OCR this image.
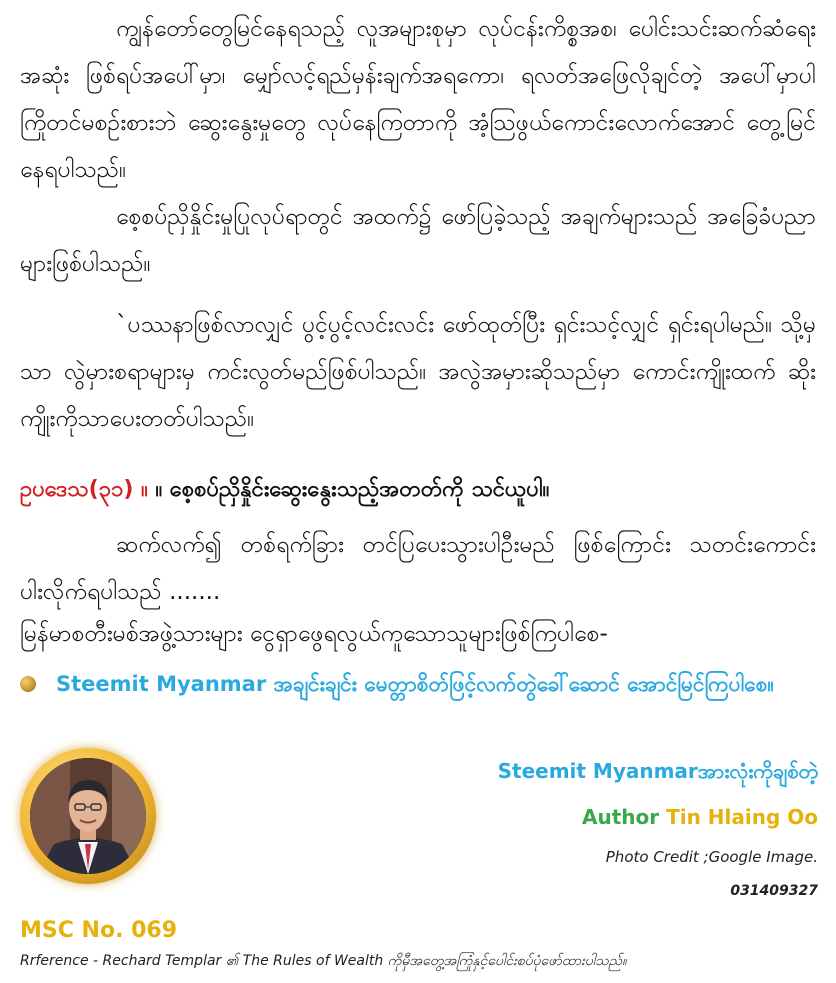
ကျွန်တော်တွေမြင်နေရသည့် လူအများစုမှာ လုပ်ငန်းကိစ္စအစ၊ ပေါင်းသင်းဆက်ဆံရေးအဆုံး ဖြစ်ရပ်အပေါ်မှာ၊ မျှော်လင့်ရည်မှန်းချက်အရကော၊ ရလတ်အဖြေလိုချင်တဲ့ အပေါ်မှာပါ ကြိုတင်မစဉ်းစားဘဲ ဆွေးနွေးမှုတွေ လုပ်နေကြတာကို အံ့သြဖွယ်ကောင်းလောက်အောင် တွေ့မြင်နေရပါသည်။
စေ့စပ်ညှိနှိုင်းမှုပြုလုပ်ရာတွင် အထက်၌ ဖော်ပြခဲ့သည့် အချက်များသည် အခြေခံပညာများဖြစ်ပါသည်။
`ပဿနာဖြစ်လာလျှင် ပွင့်ပွင့်လင်းလင်း ဖော်ထုတ်ပြီး ရှင်းသင့်လျှင် ရှင်းရပါမည်။ သို့မှသာ လွဲမှားစရာများမှ ကင်းလွတ်မည်ဖြစ်ပါသည်။ အလွဲအမှားဆိုသည်မှာ ကောင်းကျိုးထက် ဆိုးကျိုးကိုသာပေးတတ်ပါသည်။
ဥပဒေသ(၃၁) ။ ။ စေ့စပ်ညှိနှိုင်းဆွေးနွေးသည့်အတတ်ကို သင်ယူပါ။
ဆက်လက်၍ တစ်ရက်ခြား တင်ပြပေးသွားပါဦးမည် ဖြစ်ကြောင်း သတင်းကောင်းပါးလိုက်ရပါသည် .......
မြန်မာစတီးမစ်အဖွဲ့သားများ ငွေရှာဖွေရလွယ်ကူသောသူများဖြစ်ကြပါစေ-
Steemit Myanmar အချင်းချင်း မေတ္တာစိတ်ဖြင့်လက်တွဲခေါ်ဆောင် အောင်မြင်ကြပါစေ။
Steemit Myanmarအားလုံးကိုချစ်တဲ့
Author Tin Hlaing Oo
Photo Credit ;Google Image.
031409327
MSC No. 069
Rrference - Rechard Templar ၏ The Rules of Wealth ကိုမှီအတွေ့အကြုံနှင့်ပေါင်းစပ်ပုံဖော်ထားပါသည်။
